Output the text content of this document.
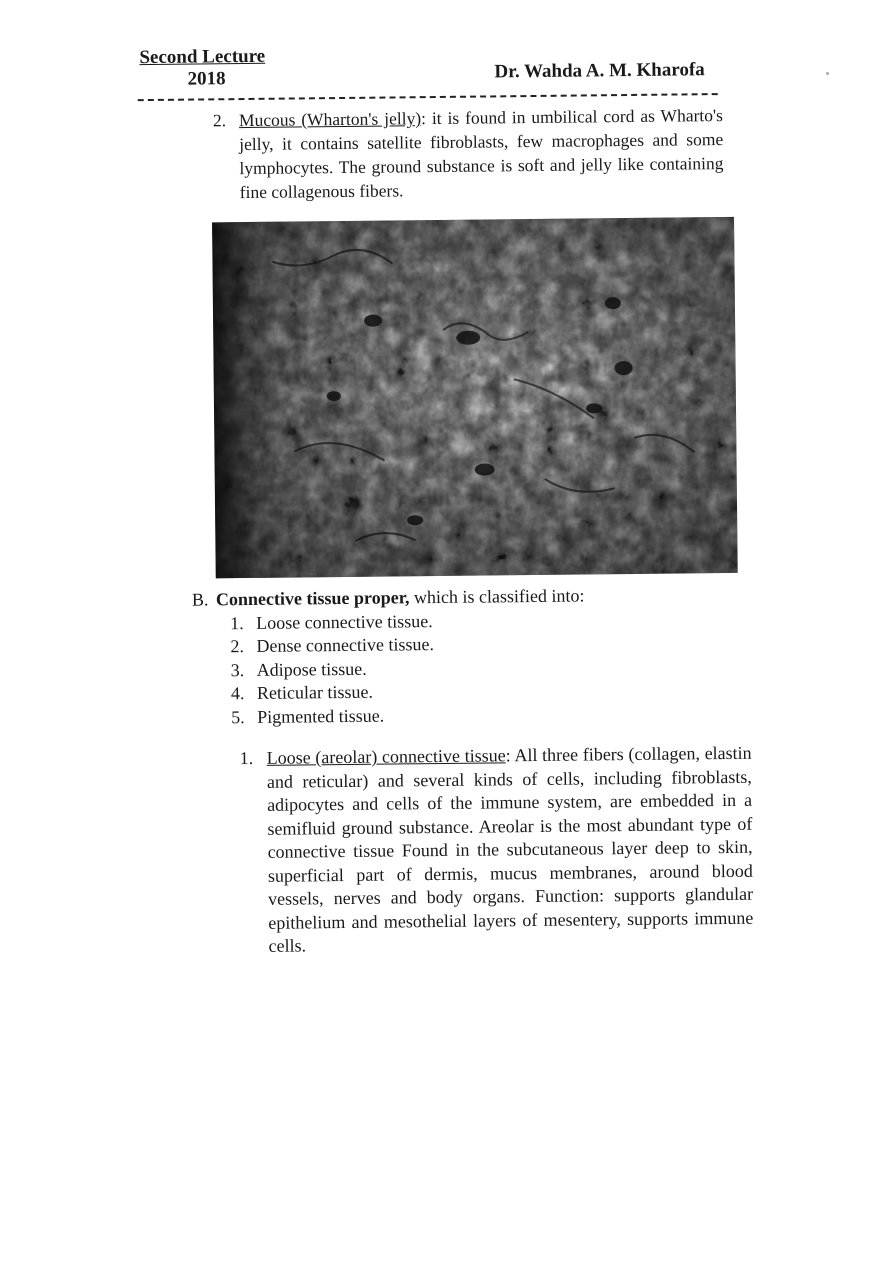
Second Lecture
2018	Dr. Wahda A. M. Kharofa
2. Mucous (Wharton's jelly): it is found in umbilical cord as Wharto's jelly, it contains satellite fibroblasts, few macrophages and some lymphocytes. The ground substance is soft and jelly like containing fine collagenous fibers.
B. Connective tissue proper, which is classified into:
1. Loose connective tissue.
2. Dense connective tissue.
3. Adipose tissue.
4. Reticular tissue.
5. Pigmented tissue.
1. Loose (areolar) connective tissue: All three fibers (collagen, elastin and reticular) and several kinds of cells, including fibroblasts, adipocytes and cells of the immune system, are embedded in a semifluid ground substance. Areolar is the most abundant type of connective tissue Found in the subcutaneous layer deep to skin, superficial part of dermis, mucus membranes, around blood vessels, nerves and body organs. Function: supports glandular epithelium and mesothelial layers of mesentery, supports immune cells.
